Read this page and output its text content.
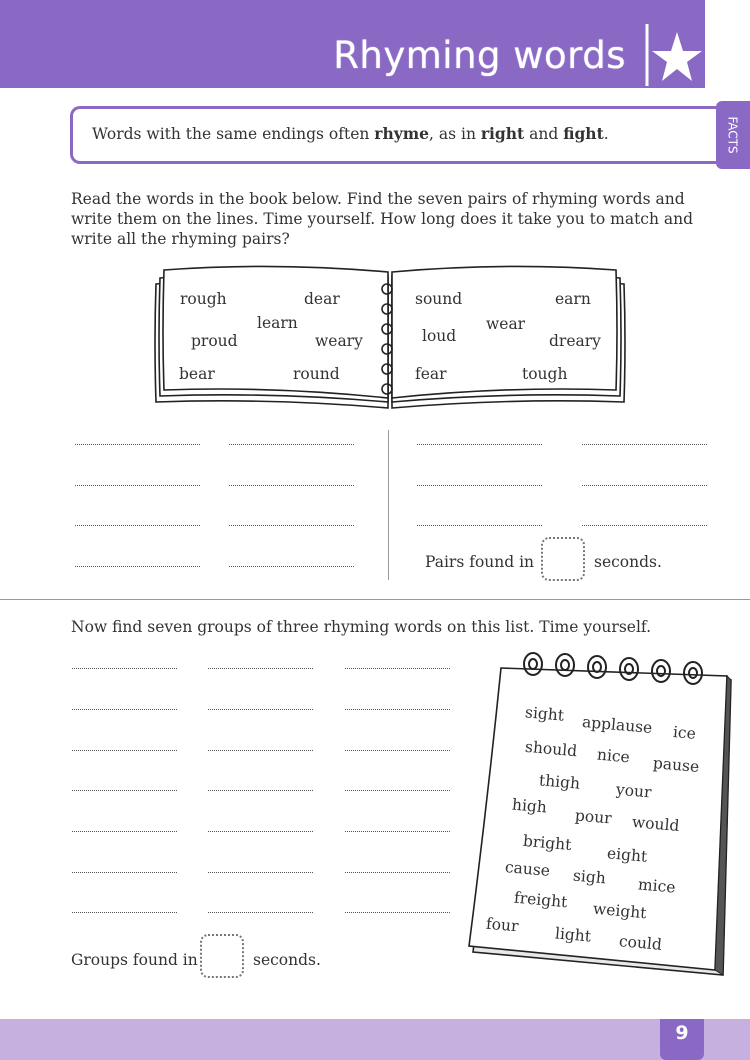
Rhyming words
Words with the same endings often rhyme, as in right and fight.	FACTS
Read the words in the book below. Find the seven pairs of rhyming words and write them on the lines. Time yourself. How long does it take you to match and write all the rhyming pairs?
rough	dear
learn
proud	weary
bear	round
sound	earn
wear
loud	dreary
fear	tough
Pairs found in	seconds.
Now find seven groups of three rhyming words on this list. Time yourself.
Groups found in	seconds.
sight applause ice
should nice pause
thigh your
high
pour would
bright
eight
cause sigh mice
freight weight
four light could
9
